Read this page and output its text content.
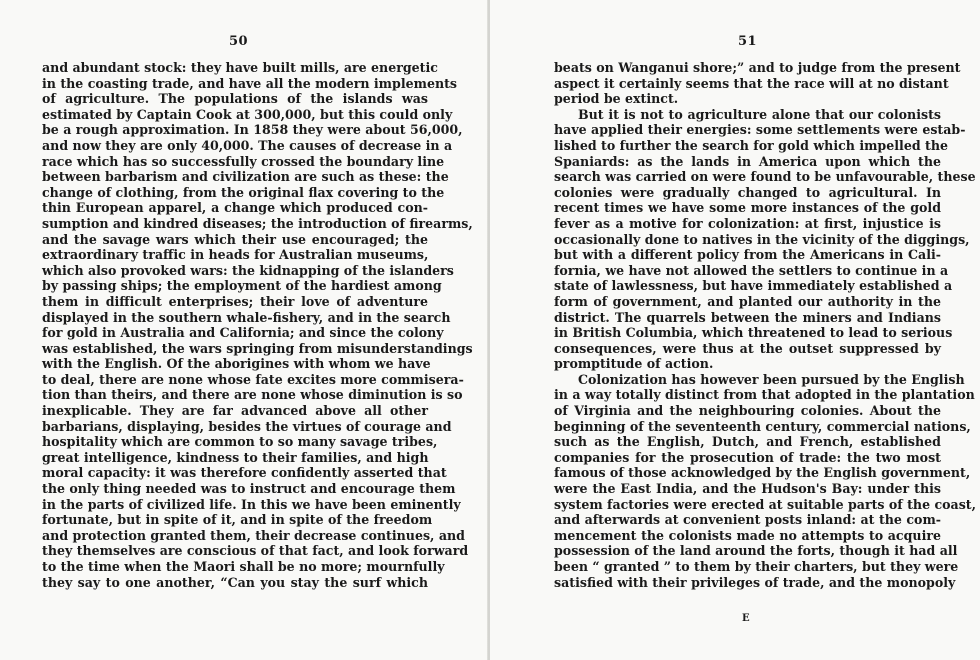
50
and abundant stock: they have built mills, are energetic
in the coasting trade, and have all the modern implements
of agriculture. The populations of the islands was
estimated by Captain Cook at 300,000, but this could only
be a rough approximation. In 1858 they were about 56,000,
and now they are only 40,000. The causes of decrease in a
race which has so successfully crossed the boundary line
between barbarism and civilization are such as these: the
change of clothing, from the original flax covering to the
thin European apparel, a change which produced con-
sumption and kindred diseases; the introduction of firearms,
and the savage wars which their use encouraged; the
extraordinary traffic in heads for Australian museums,
which also provoked wars: the kidnapping of the islanders
by passing ships; the employment of the hardiest among
them in difficult enterprises; their love of adventure
displayed in the southern whale-fishery, and in the search
for gold in Australia and California; and since the colony
was established, the wars springing from misunderstandings
with the English. Of the aborigines with whom we have
to deal, there are none whose fate excites more commisera-
tion than theirs, and there are none whose diminution is so
inexplicable. They are far advanced above all other
barbarians, displaying, besides the virtues of courage and
hospitality which are common to so many savage tribes,
great intelligence, kindness to their families, and high
moral capacity: it was therefore confidently asserted that
the only thing needed was to instruct and encourage them
in the parts of civilized life. In this we have been eminently
fortunate, but in spite of it, and in spite of the freedom
and protection granted them, their decrease continues, and
they themselves are conscious of that fact, and look forward
to the time when the Maori shall be no more; mournfully
they say to one another, “Can you stay the surf which
51
beats on Wanganui shore;” and to judge from the present
aspect it certainly seems that the race will at no distant
period be extinct.
But it is not to agriculture alone that our colonists
have applied their energies: some settlements were estab-
lished to further the search for gold which impelled the
Spaniards: as the lands in America upon which the
search was carried on were found to be unfavourable, these
colonies were gradually changed to agricultural. In
recent times we have some more instances of the gold
fever as a motive for colonization: at first, injustice is
occasionally done to natives in the vicinity of the diggings,
but with a different policy from the Americans in Cali-
fornia, we have not allowed the settlers to continue in a
state of lawlessness, but have immediately established a
form of government, and planted our authority in the
district. The quarrels between the miners and Indians
in British Columbia, which threatened to lead to serious
consequences, were thus at the outset suppressed by
promptitude of action.
Colonization has however been pursued by the English
in a way totally distinct from that adopted in the plantation
of Virginia and the neighbouring colonies. About the
beginning of the seventeenth century, commercial nations,
such as the English, Dutch, and French, established
companies for the prosecution of trade: the two most
famous of those acknowledged by the English government,
were the East India, and the Hudson's Bay: under this
system factories were erected at suitable parts of the coast,
and afterwards at convenient posts inland: at the com-
mencement the colonists made no attempts to acquire
possession of the land around the forts, though it had all
been “ granted ” to them by their charters, but they were
satisfied with their privileges of trade, and the monopoly
E
